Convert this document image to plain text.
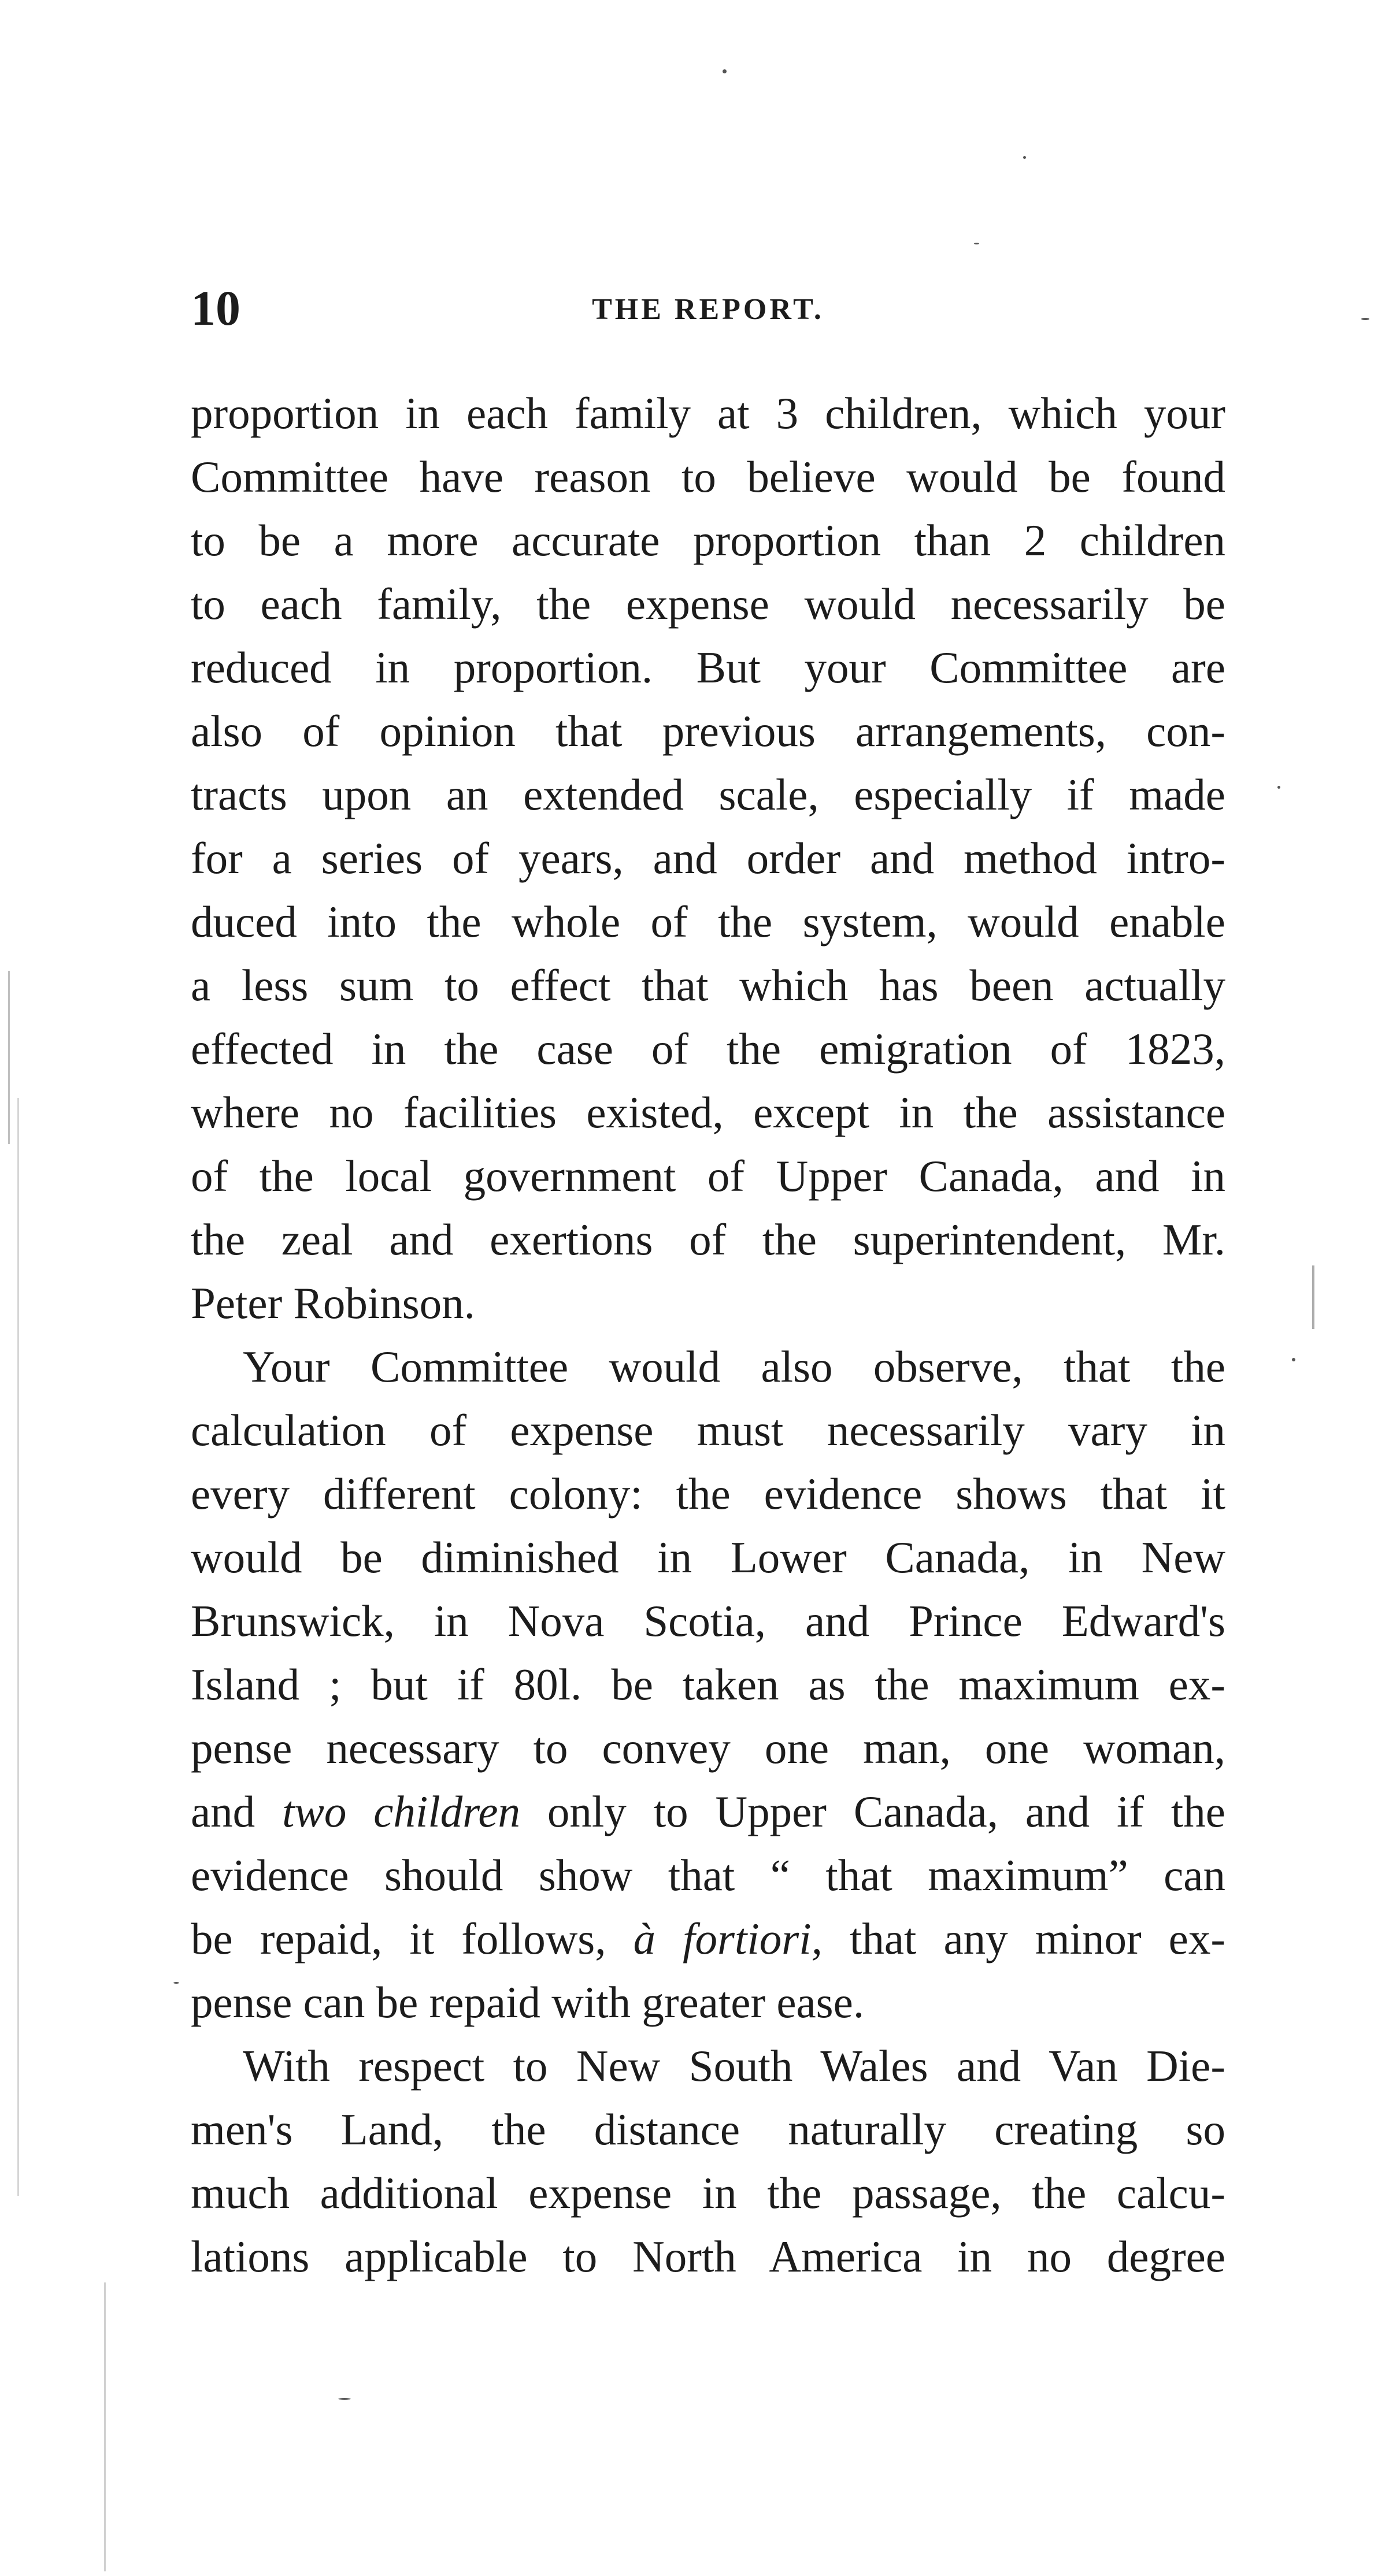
10	THE REPORT.
proportion in each family at 3 children, which your
Committee have reason to believe would be found
to be a more accurate proportion than 2 children
to each family, the expense would necessarily be
reduced in proportion. But your Committee are
also of opinion that previous arrangements, con-
tracts upon an extended scale, especially if made
for a series of years, and order and method intro-
duced into the whole of the system, would enable
a less sum to effect that which has been actually
effected in the case of the emigration of 1823,
where no facilities existed, except in the assistance
of the local government of Upper Canada, and in
the zeal and exertions of the superintendent, Mr.
Peter Robinson.
Your Committee would also observe, that the
calculation of expense must necessarily vary in
every different colony: the evidence shows that it
would be diminished in Lower Canada, in New
Brunswick, in Nova Scotia, and Prince Edward's
Island ; but if 80l. be taken as the maximum ex-
pense necessary to convey one man, one woman,
and two children only to Upper Canada, and if the
evidence should show that “ that maximum” can
be repaid, it follows, à fortiori, that any minor ex-
pense can be repaid with greater ease.
With respect to New South Wales and Van Die-
men's Land, the distance naturally creating so
much additional expense in the passage, the calcu-
lations applicable to North America in no degree
